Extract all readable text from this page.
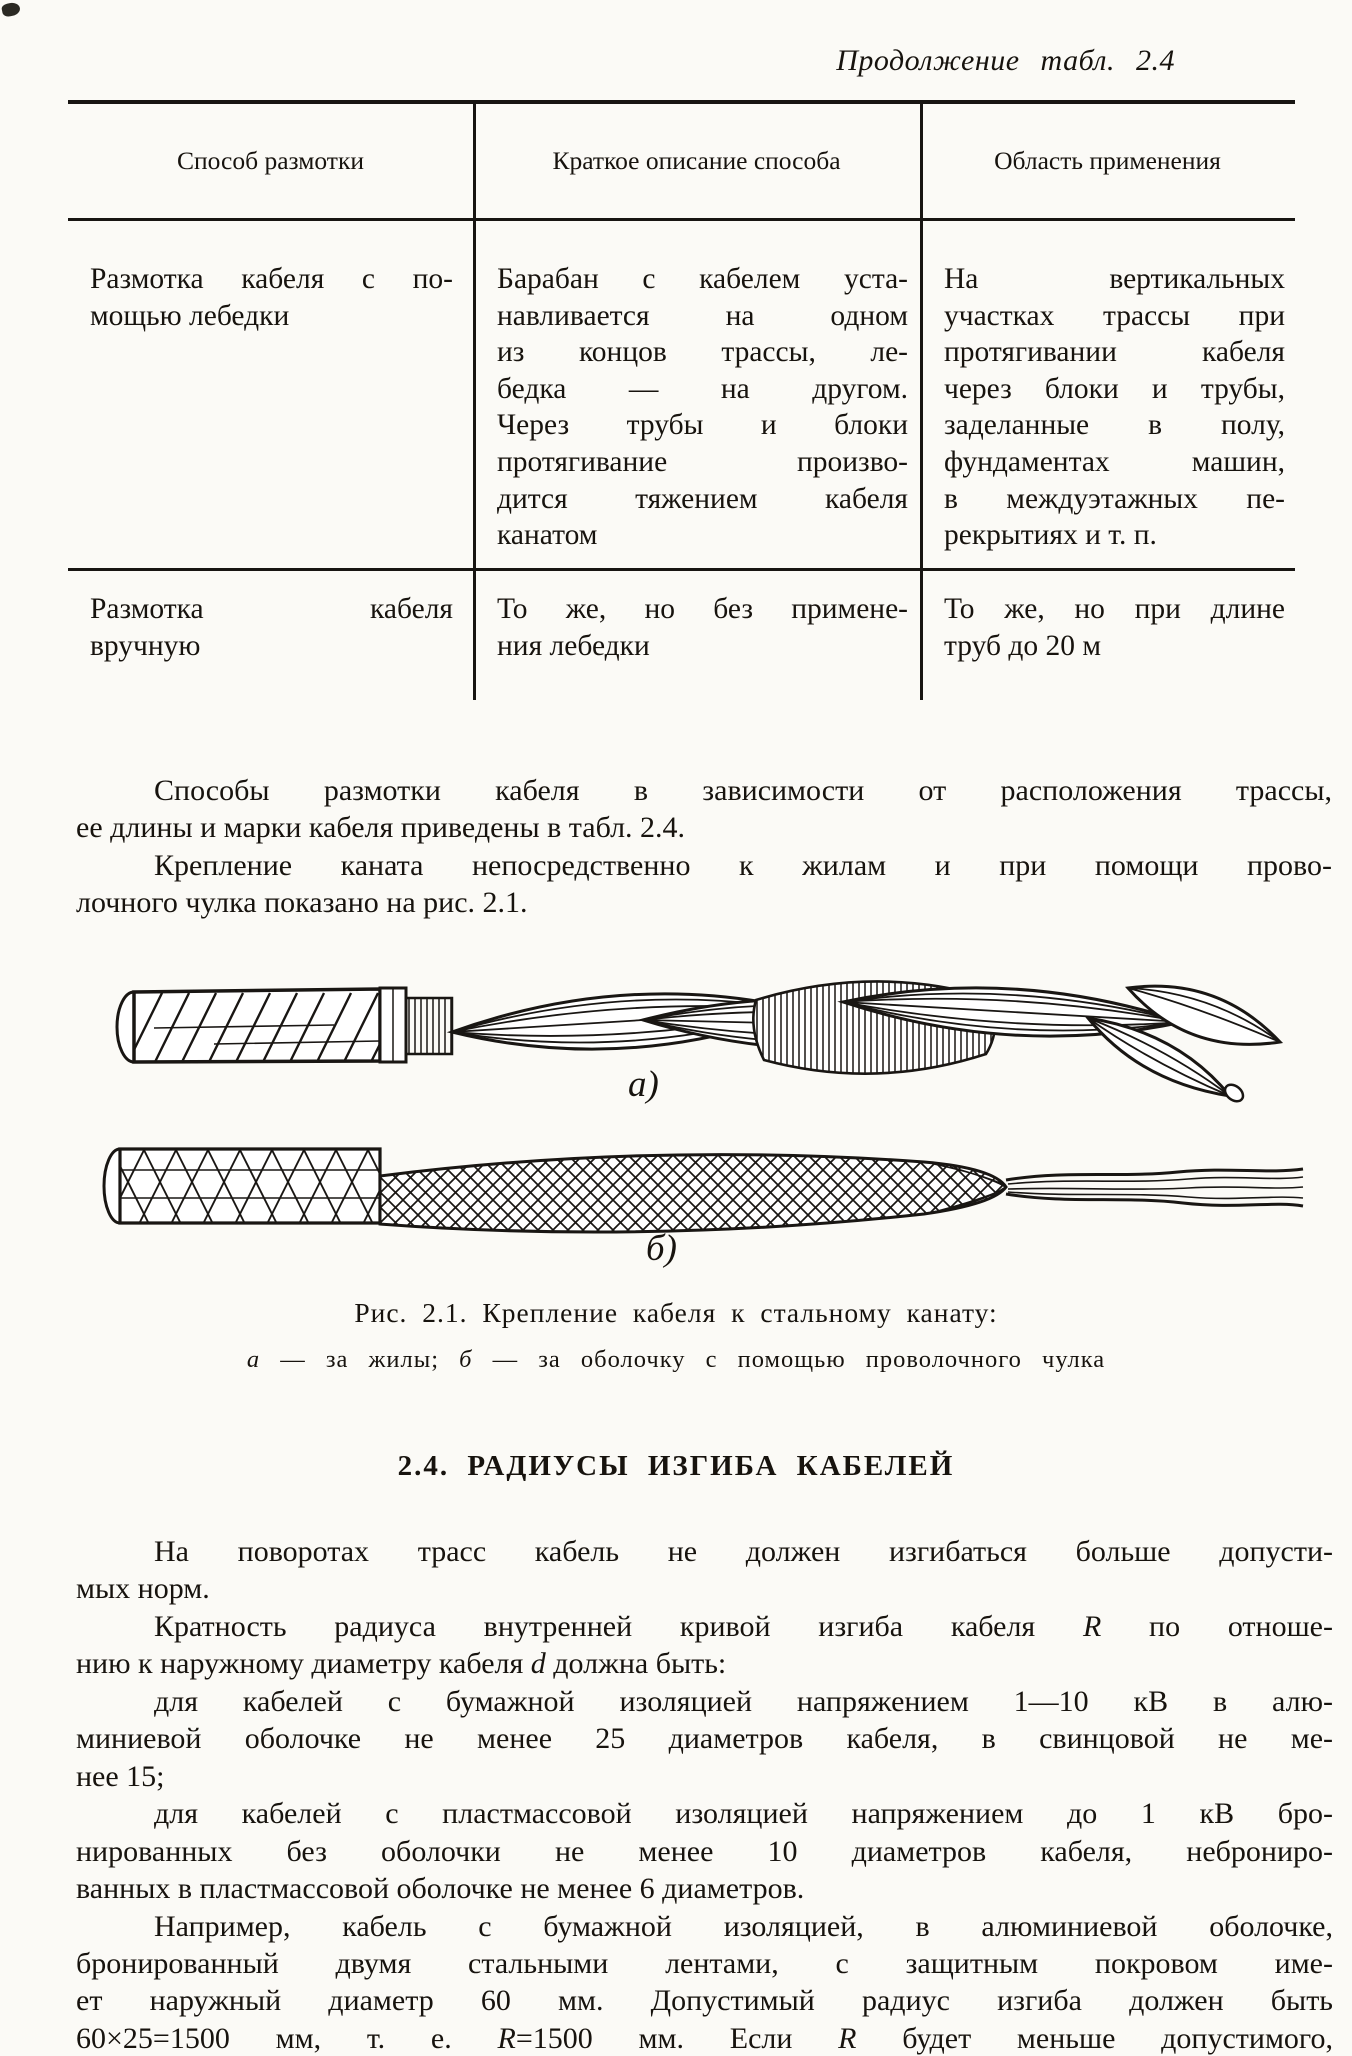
Продолжение табл. 2.4
Способ размотки	Краткое описание способа	Область применения
Размотка кабеля с по-
мощью лебедки
Барабан с кабелем уста-
навливается на одном
из концов трассы, ле-
бедка — на другом.
Через трубы и блоки
протягивание произво-
дится тяжением кабеля
канатом
На вертикальных
участках трассы при
протягивании кабеля
через блоки и трубы,
заделанные в полу,
фундаментах машин,
в междуэтажных пе-
рекрытиях и т. п.
Размотка кабеля
вручную
То же, но без примене-
ния лебедки
То же, но при длине
труб до 20 м
Способы размотки кабеля в зависимости от расположения трассы,
ее длины и марки кабеля приведены в табл. 2.4.
Крепление каната непосредственно к жилам и при помощи прово-
лочного чулка показано на рис. 2.1.
а)
б)
Рис. 2.1. Крепление кабеля к стальному канату:
а — за жилы; б — за оболочку с помощью проволочного чулка
2.4. РАДИУСЫ ИЗГИБА КАБЕЛЕЙ
На поворотах трасс кабель не должен изгибаться больше допусти-
мых норм.
Кратность радиуса внутренней кривой изгиба кабеля R по отноше-
нию к наружному диаметру кабеля d должна быть:
для кабелей с бумажной изоляцией напряжением 1—10 кВ в алю-
миниевой оболочке не менее 25 диаметров кабеля, в свинцовой не ме-
нее 15;
для кабелей с пластмассовой изоляцией напряжением до 1 кВ бро-
нированных без оболочки не менее 10 диаметров кабеля, неброниро-
ванных в пластмассовой оболочке не менее 6 диаметров.
Например, кабель с бумажной изоляцией, в алюминиевой оболочке,
бронированный двумя стальными лентами, с защитным покровом име-
ет наружный диаметр 60 мм. Допустимый радиус изгиба должен быть
60×25=1500 мм, т. е. R=1500 мм. Если R будет меньше допустимого,
